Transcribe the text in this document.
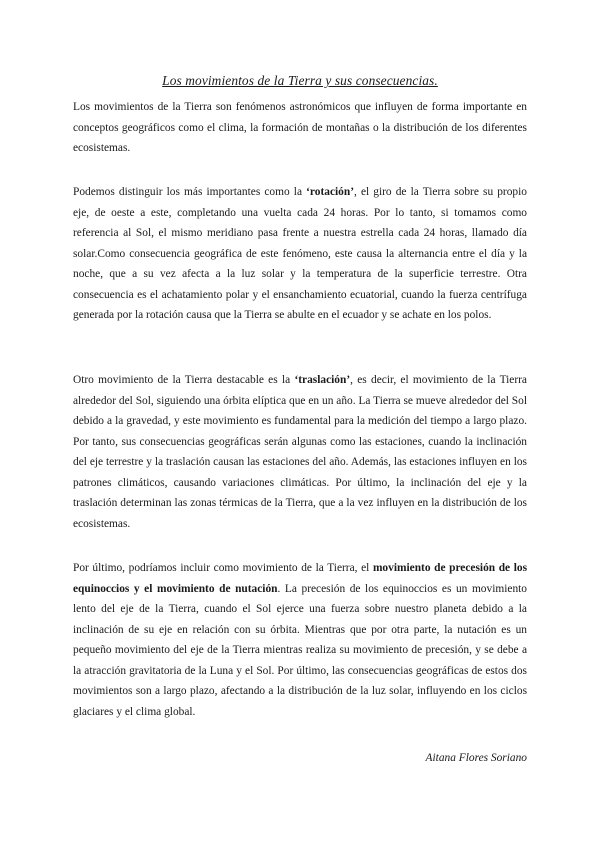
Los movimientos de la Tierra y sus consecuencias.

Los movimientos de la Tierra son fenómenos astronómicos que influyen de forma importante en conceptos geográficos como el clima, la formación de montañas o la distribución de los diferentes ecosistemas.

Podemos distinguir los más importantes como la ‘rotación’, el giro de la Tierra sobre su propio eje, de oeste a este, completando una vuelta cada 24 horas. Por lo tanto, si tomamos como referencia al Sol, el mismo meridiano pasa frente a nuestra estrella cada 24 horas, llamado día solar.Como consecuencia geográfica de este fenómeno, este causa la alternancia entre el día y la noche, que a su vez afecta a la luz solar y la temperatura de la superficie terrestre. Otra consecuencia es el achatamiento polar y el ensanchamiento ecuatorial, cuando la fuerza centrífuga generada por la rotación causa que la Tierra se abulte en el ecuador y se achate en los polos.

Otro movimiento de la Tierra destacable es la ‘traslación’, es decir, el movimiento de la Tierra alrededor del Sol, siguiendo una órbita elíptica que en un año. La Tierra se mueve alrededor del Sol debido a la gravedad, y este movimiento es fundamental para la medición del tiempo a largo plazo. Por tanto, sus consecuencias geográficas serán algunas como las estaciones, cuando la inclinación del eje terrestre y la traslación causan las estaciones del año. Además, las estaciones influyen en los patrones climáticos, causando variaciones climáticas. Por último, la inclinación del eje y la traslación determinan las zonas térmicas de la Tierra, que a la vez influyen en la distribución de los ecosistemas.

Por último, podríamos incluir como movimiento de la Tierra, el movimiento de precesión de los equinoccios y el movimiento de nutación. La precesión de los equinoccios es un movimiento lento del eje de la Tierra, cuando el Sol ejerce una fuerza sobre nuestro planeta debido a la inclinación de su eje en relación con su órbita. Mientras que por otra parte, la nutación es un pequeño movimiento del eje de la Tierra mientras realiza su movimiento de precesión, y se debe a la atracción gravitatoria de la Luna y el Sol. Por último, las consecuencias geográficas de estos dos movimientos son a largo plazo, afectando a la distribución de la luz solar, influyendo en los ciclos glaciares y el clima global.

Aitana Flores Soriano
